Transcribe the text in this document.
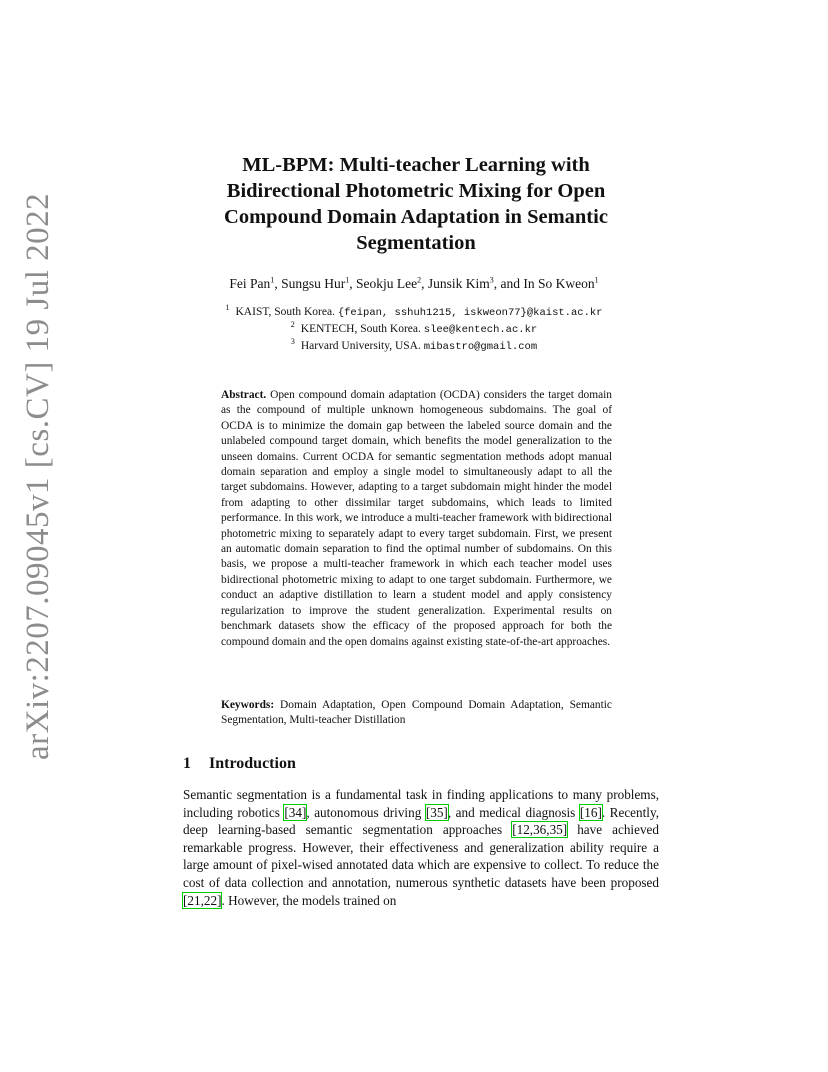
arXiv:2207.09045v1 [cs.CV] 19 Jul 2022
ML-BPM: Multi-teacher Learning with Bidirectional Photometric Mixing for Open Compound Domain Adaptation in Semantic Segmentation
Fei Pan$^1$, Sungsu Hur$^1$, Seokju Lee$^2$, Junsik Kim$^3$, and In So Kweon$^1$
$^1$ KAIST, South Korea. {feipan, sshuh1215, iskweon77}@kaist.ac.kr
$^2$ KENTECH, South Korea. slee@kentech.ac.kr
$^3$ Harvard University, USA. mibastro@gmail.com

Abstract. Open compound domain adaptation (OCDA) considers the target domain as the compound of multiple unknown homogeneous subdomains. The goal of OCDA is to minimize the domain gap between the labeled source domain and the unlabeled compound target domain, which benefits the model generalization to the unseen domains. Current OCDA for semantic segmentation methods adopt manual domain separation and employ a single model to simultaneously adapt to all the target subdomains. However, adapting to a target subdomain might hinder the model from adapting to other dissimilar target subdomains, which leads to limited performance. In this work, we introduce a multi-teacher framework with bidirectional photometric mixing to separately adapt to every target subdomain. First, we present an automatic domain separation to find the optimal number of subdomains. On this basis, we propose a multi-teacher framework in which each teacher model uses bidirectional photometric mixing to adapt to one target subdomain. Furthermore, we conduct an adaptive distillation to learn a student model and apply consistency regularization to improve the student generalization. Experimental results on benchmark datasets show the efficacy of the proposed approach for both the compound domain and the open domains against existing state-of-the-art approaches.

Keywords: Domain Adaptation, Open Compound Domain Adaptation, Semantic Segmentation, Multi-teacher Distillation

1 Introduction

Semantic segmentation is a fundamental task in finding applications to many problems, including robotics [34], autonomous driving [35], and medical diagnosis [16]. Recently, deep learning-based semantic segmentation approaches [12,36,35] have achieved remarkable progress. However, their effectiveness and generalization ability require a large amount of pixel-wised annotated data which are expensive to collect. To reduce the cost of data collection and annotation, numerous synthetic datasets have been proposed [21,22]. However, the models trained on
